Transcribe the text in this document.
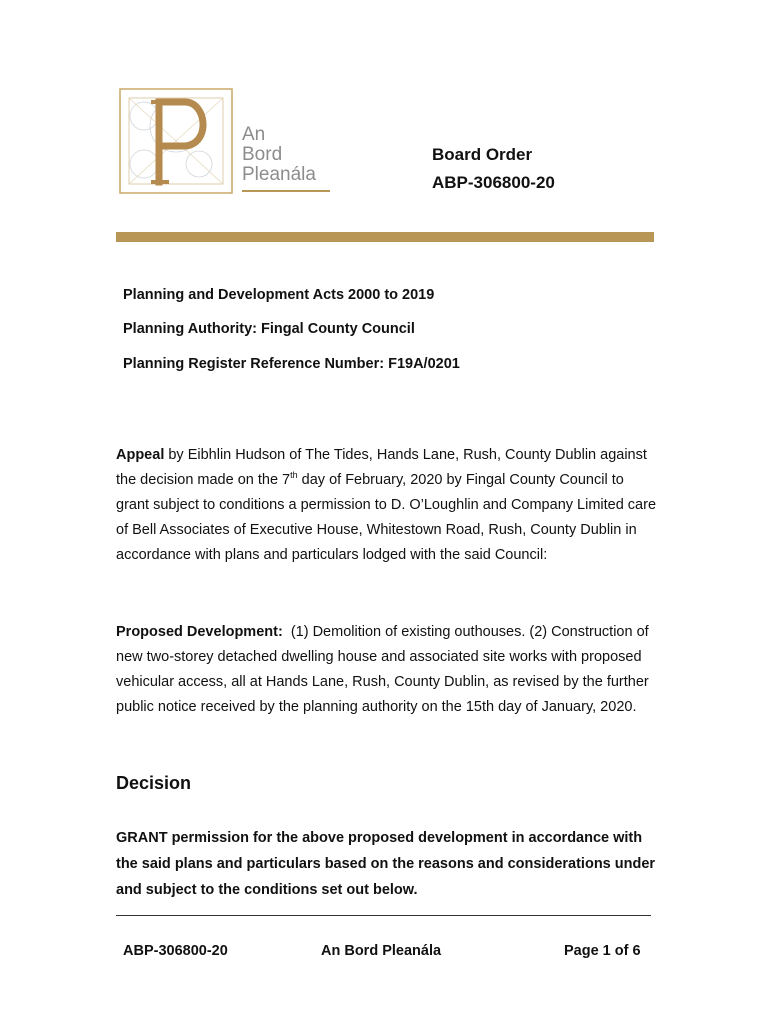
An
Bord
Pleanála
Board Order
ABP-306800-20
Planning and Development Acts 2000 to 2019
Planning Authority: Fingal County Council
Planning Register Reference Number: F19A/0201
Appeal by Eibhlin Hudson of The Tides, Hands Lane, Rush, County Dublin against the decision made on the 7th day of February, 2020 by Fingal County Council to grant subject to conditions a permission to D. O’Loughlin and Company Limited care of Bell Associates of Executive House, Whitestown Road, Rush, County Dublin in accordance with plans and particulars lodged with the said Council:
Proposed Development:  (1) Demolition of existing outhouses. (2) Construction of new two-storey detached dwelling house and associated site works with proposed vehicular access, all at Hands Lane, Rush, County Dublin, as revised by the further public notice received by the planning authority on the 15th day of January, 2020.
Decision
GRANT permission for the above proposed development in accordance with the said plans and particulars based on the reasons and considerations under and subject to the conditions set out below.
ABP-306800-20	An Bord Pleanála	Page 1 of 6
